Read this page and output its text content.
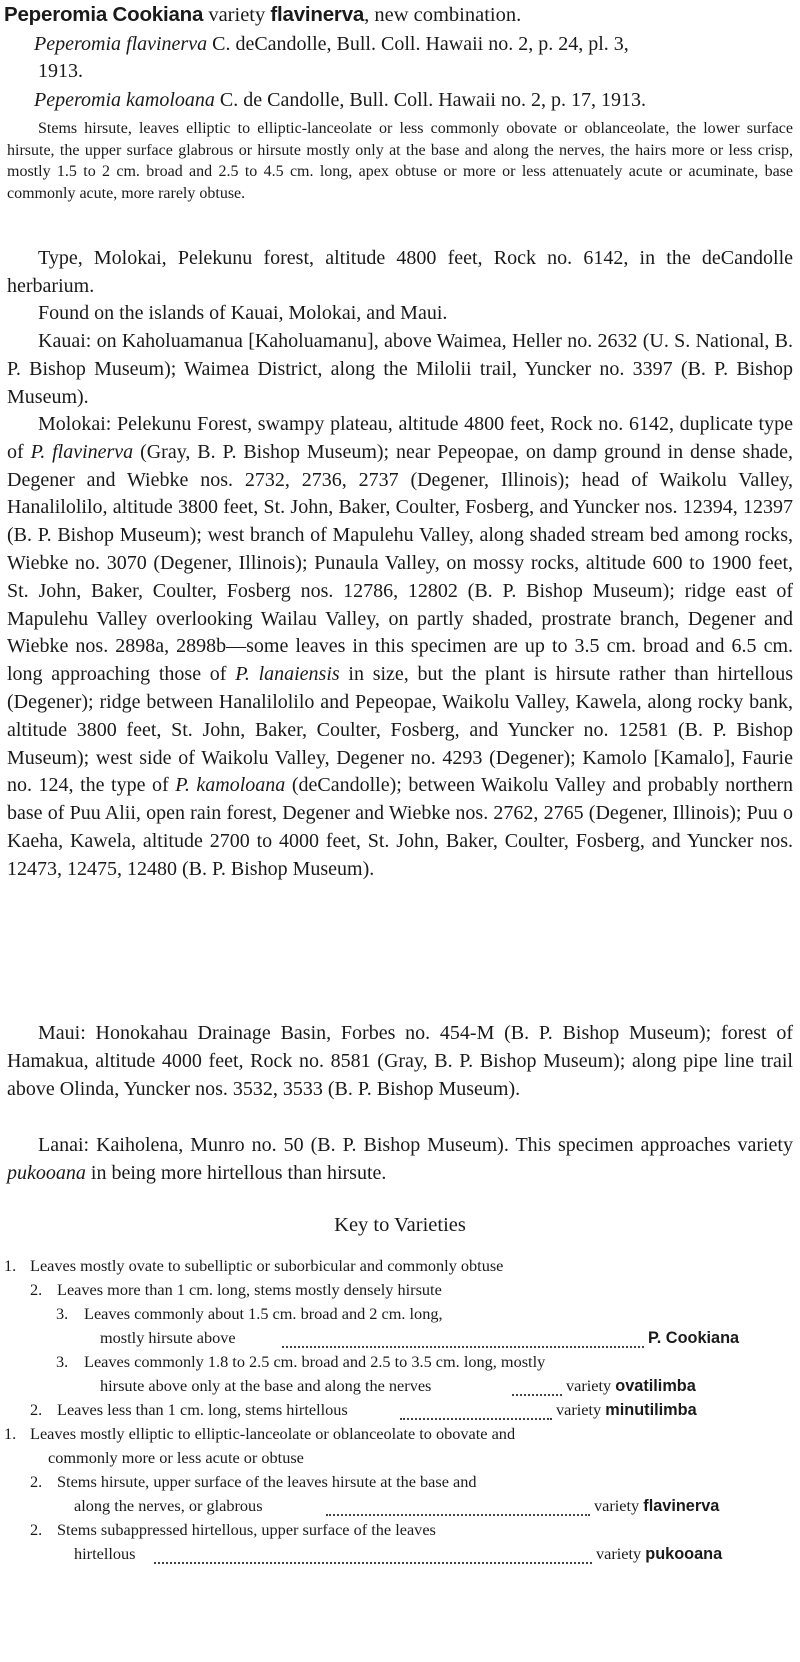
Peperomia Cookiana variety flavinerva, new combination.
Peperomia flavinerva C. deCandolle, Bull. Coll. Hawaii no. 2, p. 24, pl. 3,
1913.
Peperomia kamoloana C. de Candolle, Bull. Coll. Hawaii no. 2, p. 17, 1913.
Stems hirsute, leaves elliptic to elliptic-lanceolate or less commonly obovate or oblanceolate, the lower surface hirsute, the upper surface glabrous or hirsute mostly only at the base and along the nerves, the hairs more or less crisp, mostly 1.5 to 2 cm. broad and 2.5 to 4.5 cm. long, apex obtuse or more or less attenuately acute or acuminate, base commonly acute, more rarely obtuse.
Type, Molokai, Pelekunu forest, altitude 4800 feet, Rock no. 6142, in the deCandolle herbarium.
Found on the islands of Kauai, Molokai, and Maui.
Kauai: on Kaholuamanua [Kaholuamanu], above Waimea, Heller no. 2632 (U. S. National, B. P. Bishop Museum); Waimea District, along the Milolii trail, Yuncker no. 3397 (B. P. Bishop Museum).
Molokai: Pelekunu Forest, swampy plateau, altitude 4800 feet, Rock no. 6142, duplicate type of P. flavinerva (Gray, B. P. Bishop Museum); near Pepeopae, on damp ground in dense shade, Degener and Wiebke nos. 2732, 2736, 2737 (Degener, Illinois); head of Waikolu Valley, Hanalilolilo, altitude 3800 feet, St. John, Baker, Coulter, Fosberg, and Yuncker nos. 12394, 12397 (B. P. Bishop Museum); west branch of Mapulehu Valley, along shaded stream bed among rocks, Wiebke no. 3070 (Degener, Illinois); Punaula Valley, on mossy rocks, altitude 600 to 1900 feet, St. John, Baker, Coulter, Fosberg nos. 12786, 12802 (B. P. Bishop Museum); ridge east of Mapulehu Valley overlooking Wailau Valley, on partly shaded, prostrate branch, Degener and Wiebke nos. 2898a, 2898b—some leaves in this specimen are up to 3.5 cm. broad and 6.5 cm. long approaching those of P. lanaiensis in size, but the plant is hirsute rather than hirtellous (Degener); ridge between Hanalilolilo and Pepeopae, Waikolu Valley, Kawela, along rocky bank, altitude 3800 feet, St. John, Baker, Coulter, Fosberg, and Yuncker no. 12581 (B. P. Bishop Museum); west side of Waikolu Valley, Degener no. 4293 (Degener); Kamolo [Kamalo], Faurie no. 124, the type of P. kamoloana (deCandolle); between Waikolu Valley and probably northern base of Puu Alii, open rain forest, Degener and Wiebke nos. 2762, 2765 (Degener, Illinois); Puu o Kaeha, Kawela, altitude 2700 to 4000 feet, St. John, Baker, Coulter, Fosberg, and Yuncker nos. 12473, 12475, 12480 (B. P. Bishop Museum).
Maui: Honokahau Drainage Basin, Forbes no. 454-M (B. P. Bishop Museum); forest of Hamakua, altitude 4000 feet, Rock no. 8581 (Gray, B. P. Bishop Museum); along pipe line trail above Olinda, Yuncker nos. 3532, 3533 (B. P. Bishop Museum).
Lanai: Kaiholena, Munro no. 50 (B. P. Bishop Museum). This specimen approaches variety pukooana in being more hirtellous than hirsute.
Key to Varieties
1. Leaves mostly ovate to subelliptic or suborbicular and commonly obtuse
2. Leaves more than 1 cm. long, stems mostly densely hirsute
3. Leaves commonly about 1.5 cm. broad and 2 cm. long,
mostly hirsute above	P. Cookiana
3. Leaves commonly 1.8 to 2.5 cm. broad and 2.5 to 3.5 cm. long, mostly
hirsute above only at the base and along the nerves	variety ovatilimba
2. Leaves less than 1 cm. long, stems hirtellous	variety minutilimba
1. Leaves mostly elliptic to elliptic-lanceolate or oblanceolate to obovate and
commonly more or less acute or obtuse
2. Stems hirsute, upper surface of the leaves hirsute at the base and
along the nerves, or glabrous	variety flavinerva
2. Stems subappressed hirtellous, upper surface of the leaves
hirtellous	variety pukooana
